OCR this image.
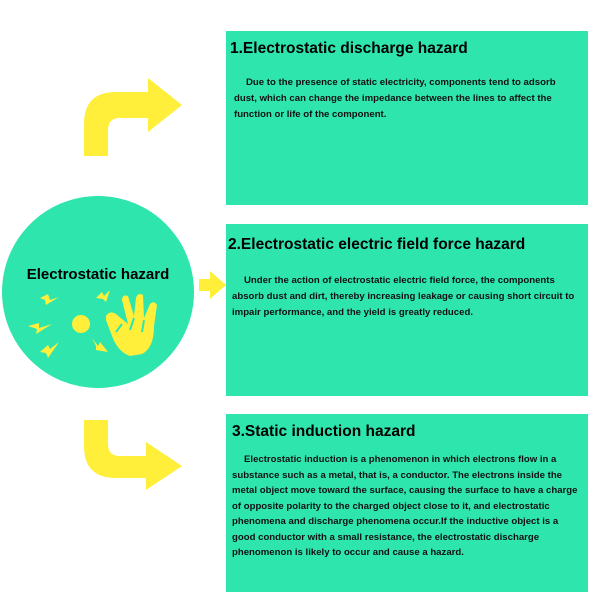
Electrostatic hazard
1.Electrostatic discharge hazard

Due to the presence of static electricity, components tend to adsorb dust, which can change the impedance between the lines to affect the function or life of the component.

2.Electrostatic electric field force hazard

Under the action of electrostatic electric field force, the components absorb dust and dirt, thereby increasing leakage or causing short circuit to impair performance, and the yield is greatly reduced.

3.Static induction hazard

Electrostatic induction is a phenomenon in which electrons flow in a substance such as a metal, that is, a conductor. The electrons inside the metal object move toward the surface, causing the surface to have a charge of opposite polarity to the charged object close to it, and electrostatic phenomena and discharge phenomena occur.If the inductive object is a good conductor with a small resistance, the electrostatic discharge phenomenon is likely to occur and cause a hazard.
